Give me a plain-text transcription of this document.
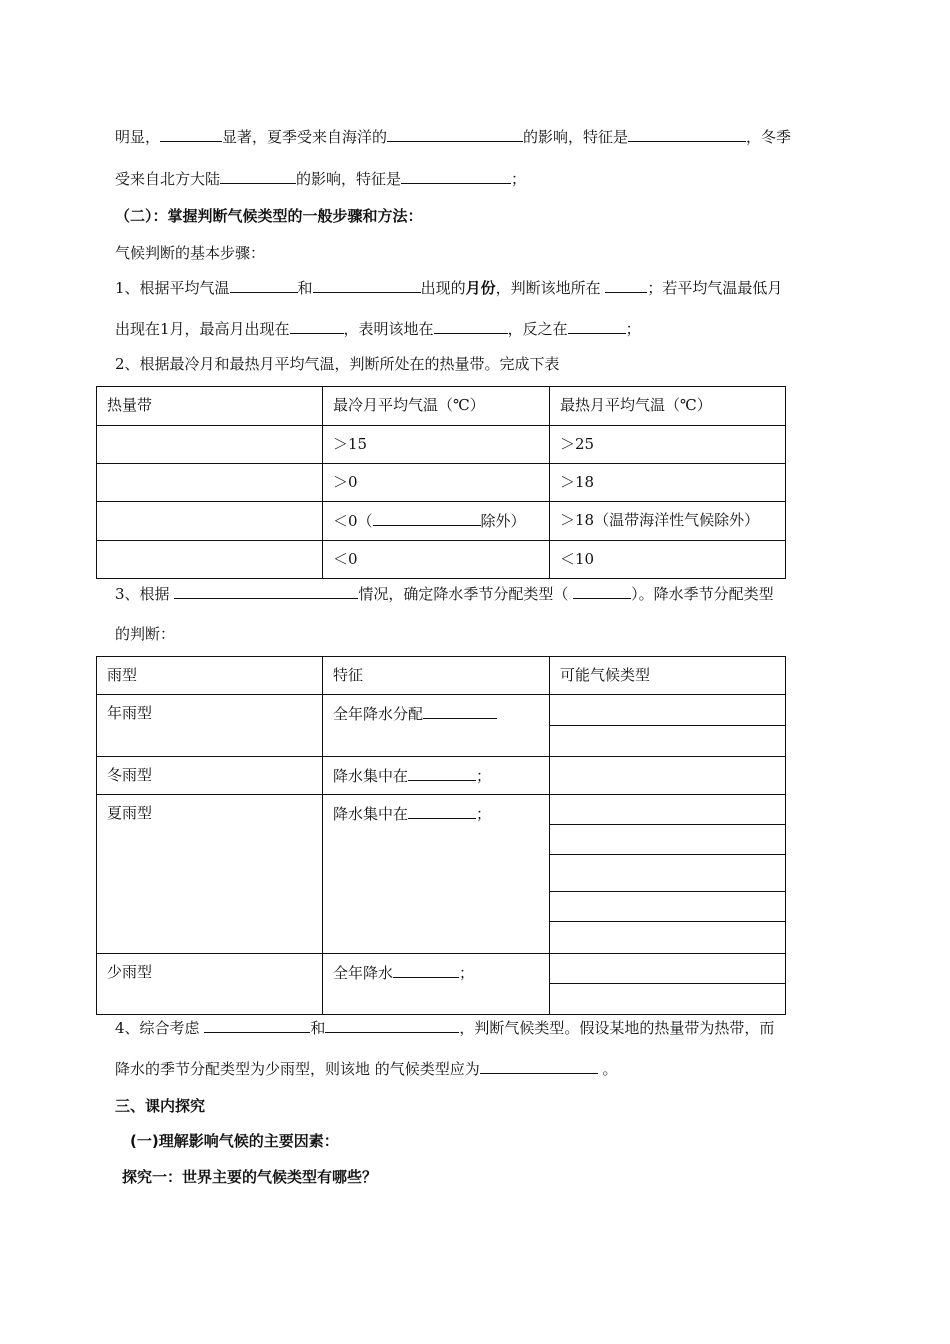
明显，	显著，夏季受来自海洋的	的影响，特征是	，冬季
受来自北方大陆	的影响，特征是	；
（二）：掌握判断气候类型的一般步骤和方法：
气候判断的基本步骤：
1、根据平均气温	和	出现的月份，判断该地所在	；若平均气温最低月
出现在1月，最高月出现在	，表明该地在	，反之在	；
2、根据最冷月和最热月平均气温，判断所处在的热量带。完成下表
热量带	最冷月平均气温（℃）	最热月平均气温（℃）

	＞15	＞25

	＞0	＞18

	＜0（ 除外）	＞18（温带海洋性气候除外）

	＜0	＜10
3、根据	情况，确定降水季节分配类型（	）。降水季节分配类型
的判断：
雨型	特征	可能气候类型

年雨型	全年降水分配	

冬雨型	降水集中在 ；	

夏雨型	降水集中在 ；	

少雨型	全年降水 ；	

4、综合考虑	和	，判断气候类型。假设某地的热量带为热带，而
降水的季节分配类型为少雨型，则该地 的气候类型应为	。
三、课内探究
(一)理解影响气候的主要因素：
探究一：世界主要的气候类型有哪些？
